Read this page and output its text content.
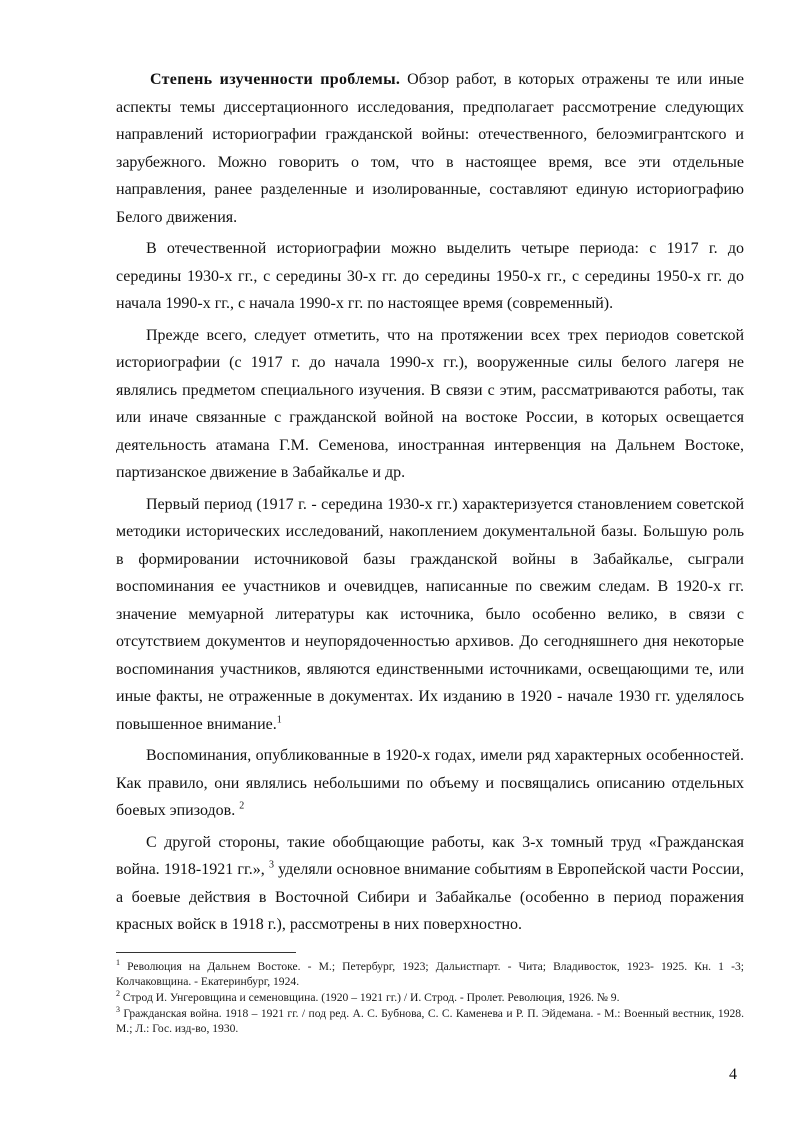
Степень изученности проблемы. Обзор работ, в которых отражены те или иные аспекты темы диссертационного исследования, предполагает рассмотрение следующих направлений историографии гражданской войны: отечественного, белоэмигрантского и зарубежного. Можно говорить о том, что в настоящее время, все эти отдельные направления, ранее разделенные и изолированные, составляют единую историографию Белого движения.

В отечественной историографии можно выделить четыре периода: с 1917 г. до середины 1930-х гг., с середины 30-х гг. до середины 1950-х гг., с середины 1950-х гг. до начала 1990-х гг., с начала 1990-х гг. по настоящее время (современный).

Прежде всего, следует отметить, что на протяжении всех трех периодов советской историографии (с 1917 г. до начала 1990-х гг.), вооруженные силы белого лагеря не являлись предметом специального изучения. В связи с этим, рассматриваются работы, так или иначе связанные с гражданской войной на востоке России, в которых освещается деятельность атамана Г.М. Семенова, иностранная интервенция на Дальнем Востоке, партизанское движение в Забайкалье и др.

Первый период (1917 г. - середина 1930-х гг.) характеризуется становлением советской методики исторических исследований, накоплением документальной базы. Большую роль в формировании источниковой базы гражданской войны в Забайкалье, сыграли воспоминания ее участников и очевидцев, написанные по свежим следам. В 1920-х гг. значение мемуарной литературы как источника, было особенно велико, в связи с отсутствием документов и неупорядоченностью архивов. До сегодняшнего дня некоторые воспоминания участников, являются единственными источниками, освещающими те, или иные факты, не отраженные в документах. Их изданию в 1920 - начале 1930 гг. уделялось повышенное внимание.$^1$

Воспоминания, опубликованные в 1920-х годах, имели ряд характерных особенностей. Как правило, они являлись небольшими по объему и посвящались описанию отдельных боевых эпизодов. $^2$

С другой стороны, такие обобщающие работы, как 3-х томный труд «Гражданская война. 1918-1921 гг.», $^3$ уделяли основное внимание событиям в Европейской части России, а боевые действия в Восточной Сибири и Забайкалье (особенно в период поражения красных войск в 1918 г.), рассмотрены в них поверхностно.

$^1$ Революция на Дальнем Востоке. - М.; Петербург, 1923; Дальистпарт. - Чита; Владивосток, 1923- 1925. Кн. 1 -3; Колчаковщина. - Екатеринбург, 1924.

$^2$ Строд И. Унгеровщина и семеновщина. (1920 – 1921 гг.) / И. Строд. - Пролет. Революция, 1926. № 9.

$^3$ Гражданская война. 1918 – 1921 гг. / под ред. А. С. Бубнова, С. С. Каменева и Р. П. Эйдемана. - М.: Военный вестник, 1928. М.; Л.: Гос. изд-во, 1930.

4
